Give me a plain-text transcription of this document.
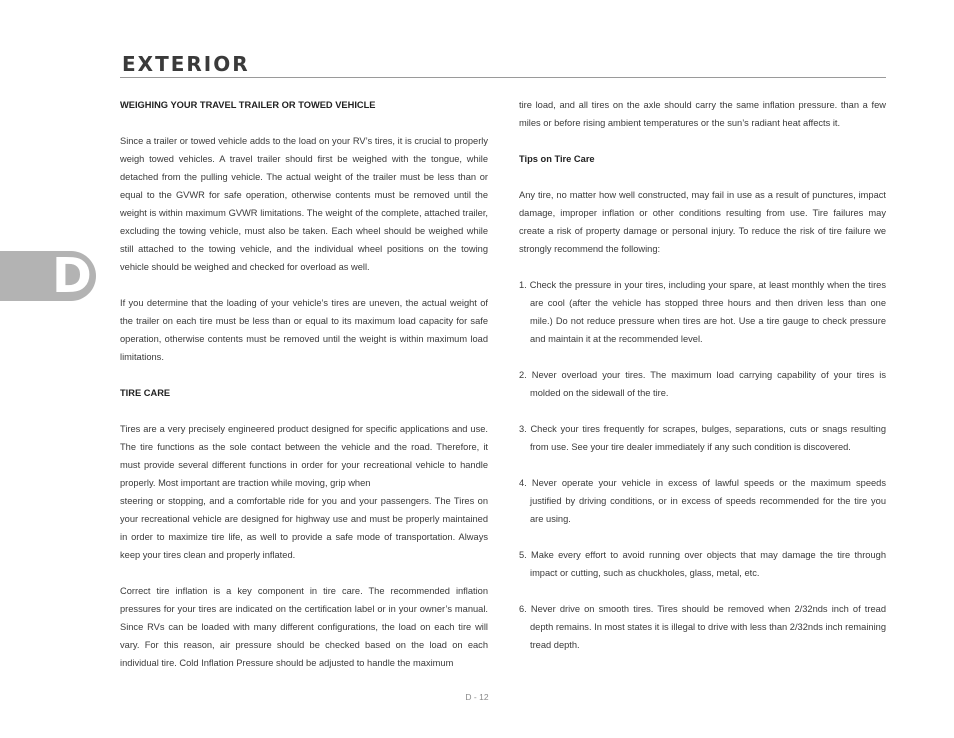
EXTERIOR
D
WEIGHING YOUR TRAVEL TRAILER OR TOWED VEHICLE

Since a trailer or towed vehicle adds to the load on your RV’s tires, it is crucial to properly weigh towed vehicles. A travel trailer should first be weighed with the tongue, while detached from the pulling vehicle. The actual weight of the trailer must be less than or equal to the GVWR for safe operation, otherwise contents must be removed until the weight is within maximum GVWR limitations. The weight of the complete, attached trailer, excluding the towing vehicle, must also be taken. Each wheel should be weighed while still attached to the towing vehicle, and the individual wheel positions on the towing vehicle should be weighed and checked for overload as well.

If you determine that the loading of your vehicle’s tires are uneven, the actual weight of the trailer on each tire must be less than or equal to its maximum load capacity for safe operation, otherwise contents must be removed until the weight is within maximum load limitations.

TIRE CARE

Tires are a very precisely engineered product designed for specific applications and use. The tire functions as the sole contact between the vehicle and the road. Therefore, it must provide several different functions in order for your recreational vehicle to handle properly. Most important are traction while moving, grip when

steering or stopping, and a comfortable ride for you and your passengers. The Tires on your recreational vehicle are designed for highway use and must be properly maintained in order to maximize tire life, as well to provide a safe mode of transportation. Always keep your tires clean and properly inflated.

Correct tire inflation is a key component in tire care. The recommended inflation pressures for your tires are indicated on the certification label or in your owner’s manual. Since RVs can be loaded with many different configurations, the load on each tire will vary. For this reason, air pressure should be checked based on the load on each individual tire. Cold Inflation Pressure should be adjusted to handle the maximum

tire load, and all tires on the axle should carry the same inflation pressure. than a few miles or before rising ambient temperatures or the sun’s radiant heat affects it.

Tips on Tire Care

Any tire, no matter how well constructed, may fail in use as a result of punctures, impact damage, improper inflation or other conditions resulting from use. Tire failures may create a risk of property damage or personal injury. To reduce the risk of tire failure we strongly recommend the following:

1. Check the pressure in your tires, including your spare, at least monthly when the tires are cool (after the vehicle has stopped three hours and then driven less than one mile.) Do not reduce pressure when tires are hot. Use a tire gauge to check pressure and maintain it at the recommended level.

2. Never overload your tires. The maximum load carrying capability of your tires is molded on the sidewall of the tire.

3. Check your tires frequently for scrapes, bulges, separations, cuts or snags resulting from use. See your tire dealer immediately if any such condition is discovered.

4. Never operate your vehicle in excess of lawful speeds or the maximum speeds justified by driving conditions, or in excess of speeds recommended for the tire you are using.

5. Make every effort to avoid running over objects that may damage the tire through impact or cutting, such as chuckholes, glass, metal, etc.

6. Never drive on smooth tires. Tires should be removed when 2/32nds inch of tread depth remains. In most states it is illegal to drive with less than 2/32nds inch remaining tread depth.

D - 12
